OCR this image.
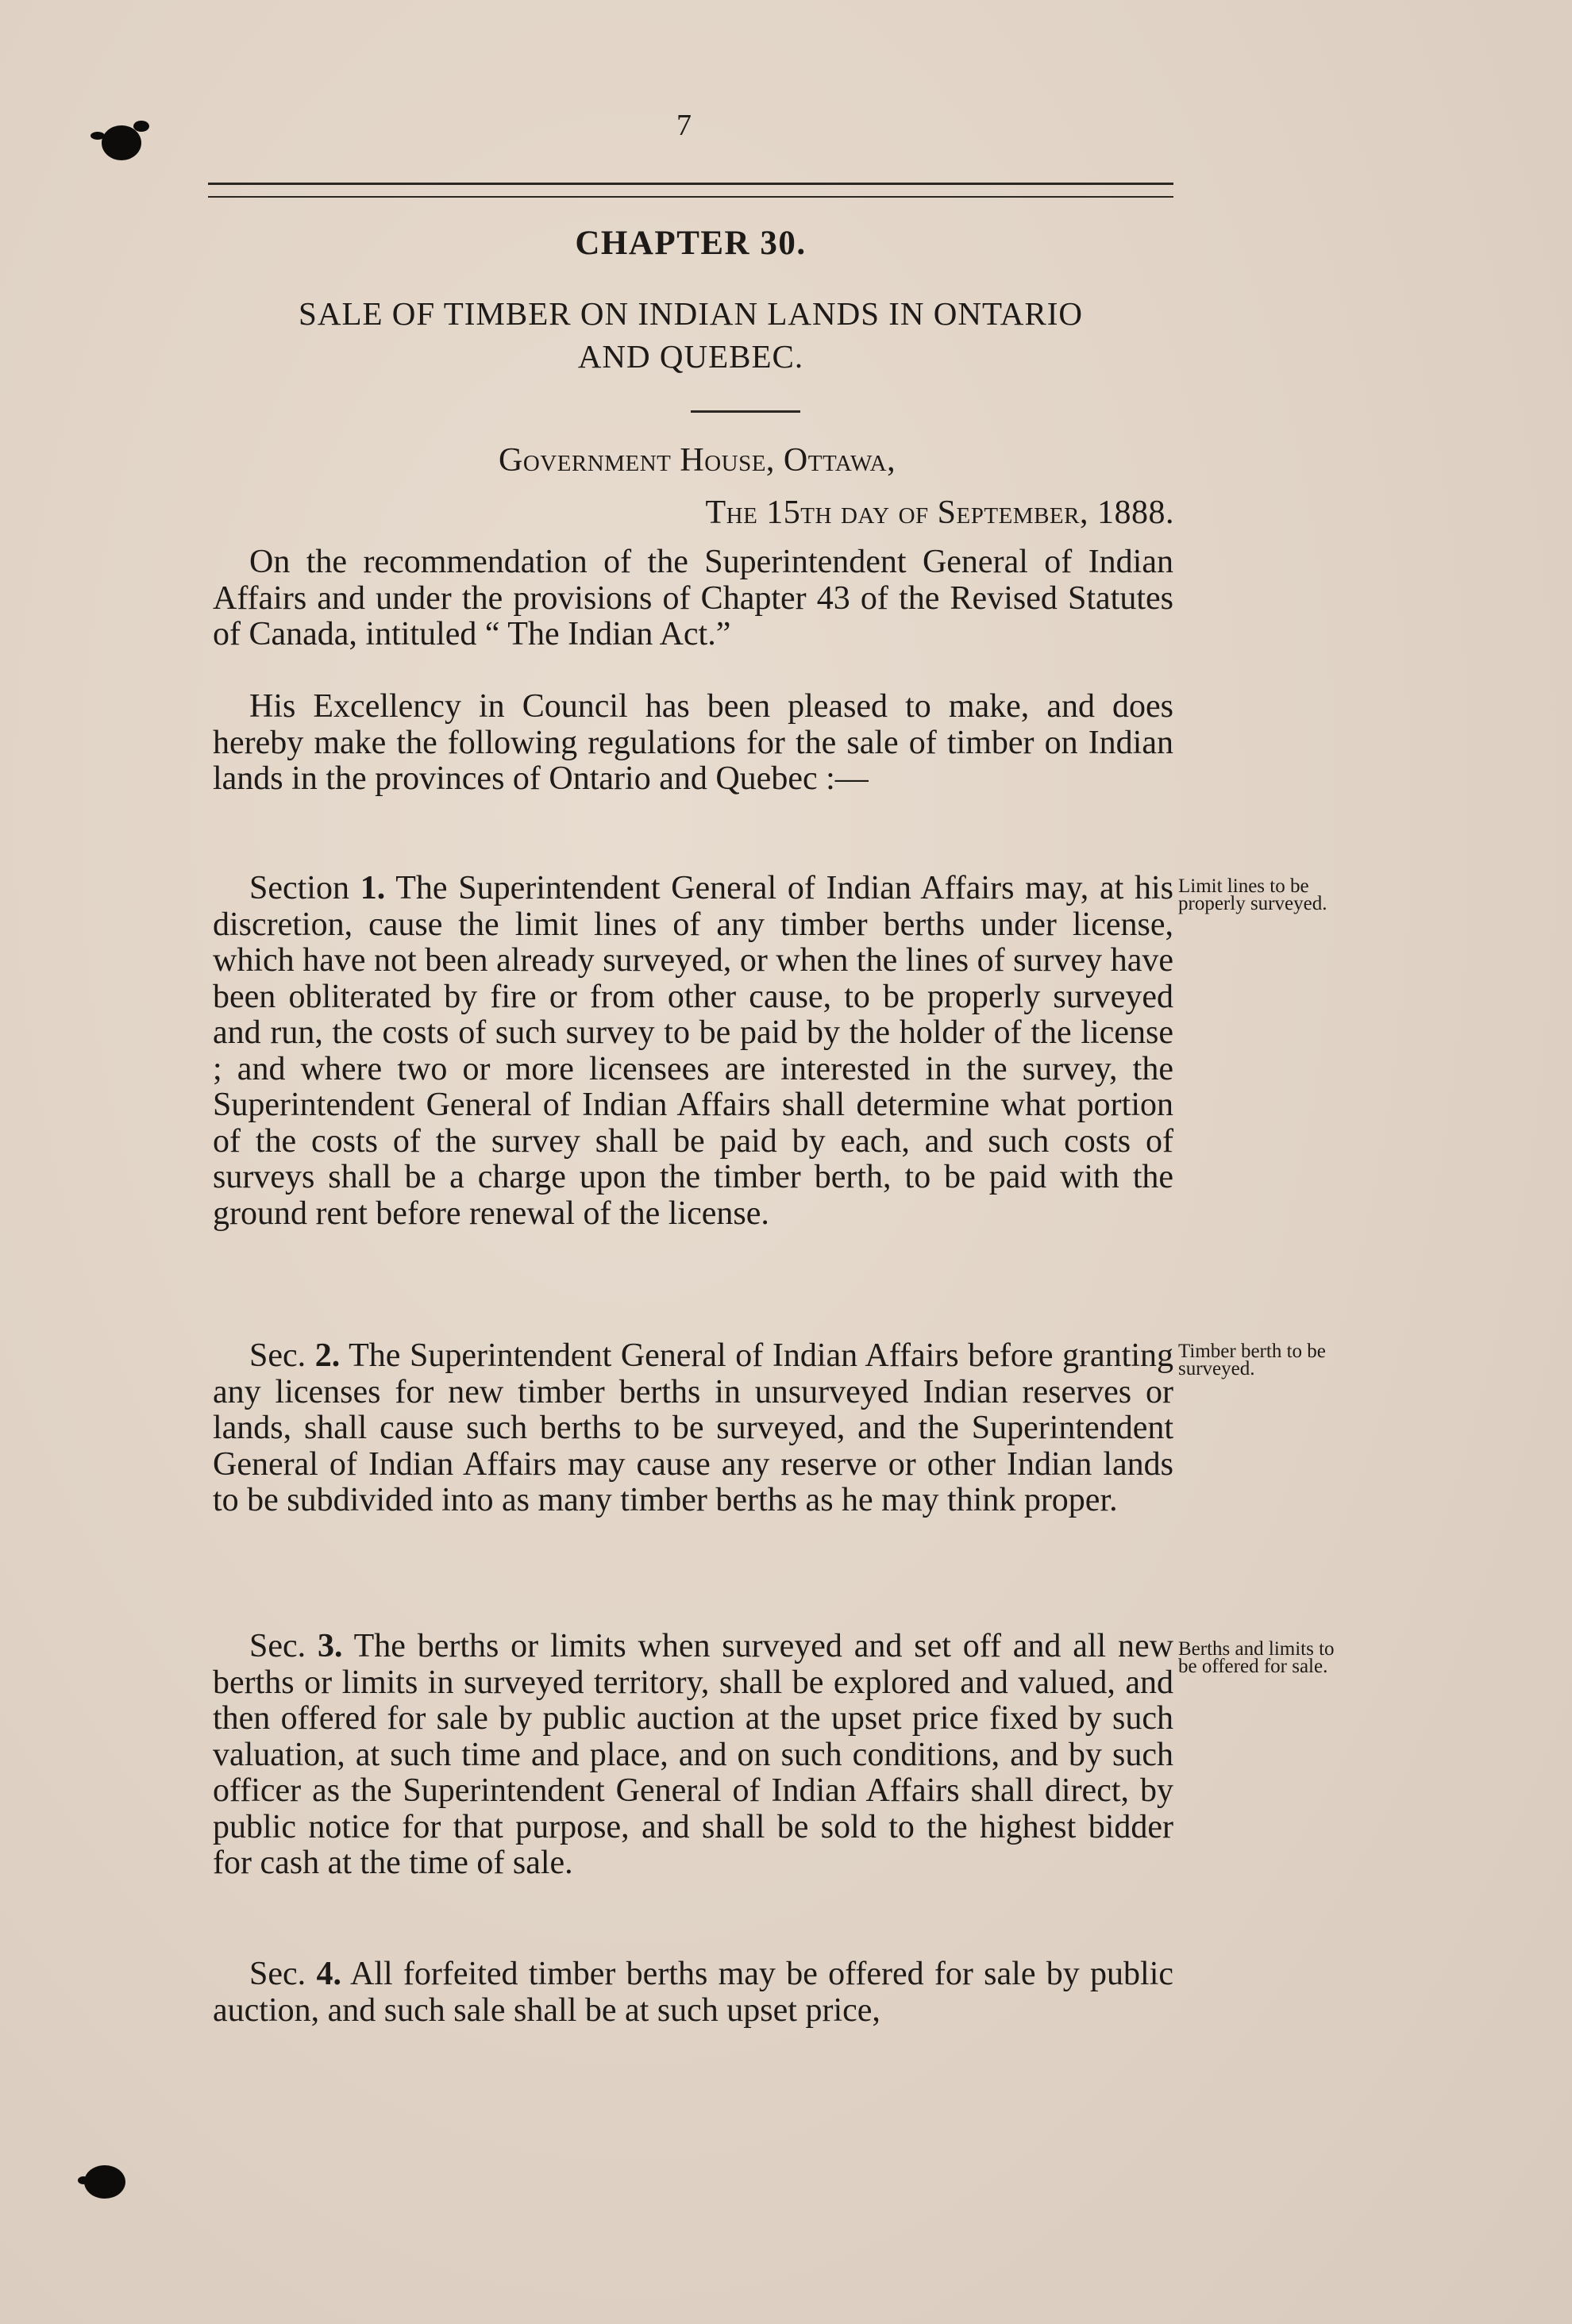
7
CHAPTER 30.
SALE OF TIMBER ON INDIAN LANDS IN ONTARIO
AND QUEBEC.
Government House, Ottawa,
The 15th day of September, 1888.

On the recommendation of the Superintendent General of Indian Affairs and under the provisions of Chapter 43 of the Revised Statutes of Canada, intituled “ The Indian Act.”

His Excellency in Council has been pleased to make, and does hereby make the following regulations for the sale of timber on Indian lands in the provinces of Ontario and Quebec :—

Section 1. The Superintendent General of Indian Affairs may, at his discretion, cause the limit lines of any timber berths under license, which have not been already surveyed, or when the lines of survey have been obliterated by fire or from other cause, to be properly surveyed and run, the costs of such survey to be paid by the holder of the license ; and where two or more licensees are interested in the survey, the Superintendent General of Indian Affairs shall determine what portion of the costs of the survey shall be paid by each, and such costs of surveys shall be a charge upon the timber berth, to be paid with the ground rent before renewal of the license.

Limit lines to be properly surveyed.

Sec. 2. The Superintendent General of Indian Affairs before granting any licenses for new timber berths in unsurveyed Indian reserves or lands, shall cause such berths to be surveyed, and the Superintendent General of Indian Affairs may cause any reserve or other Indian lands to be subdivided into as many timber berths as he may think proper.

Timber berth to be surveyed.

Sec. 3. The berths or limits when surveyed and set off and all new berths or limits in surveyed territory, shall be explored and valued, and then offered for sale by public auction at the upset price fixed by such valuation, at such time and place, and on such conditions, and by such officer as the Superintendent General of Indian Affairs shall direct, by public notice for that purpose, and shall be sold to the highest bidder for cash at the time of sale.

Berths and limits to be offered for sale.

Sec. 4. All forfeited timber berths may be offered for sale by public auction, and such sale shall be at such upset price,
